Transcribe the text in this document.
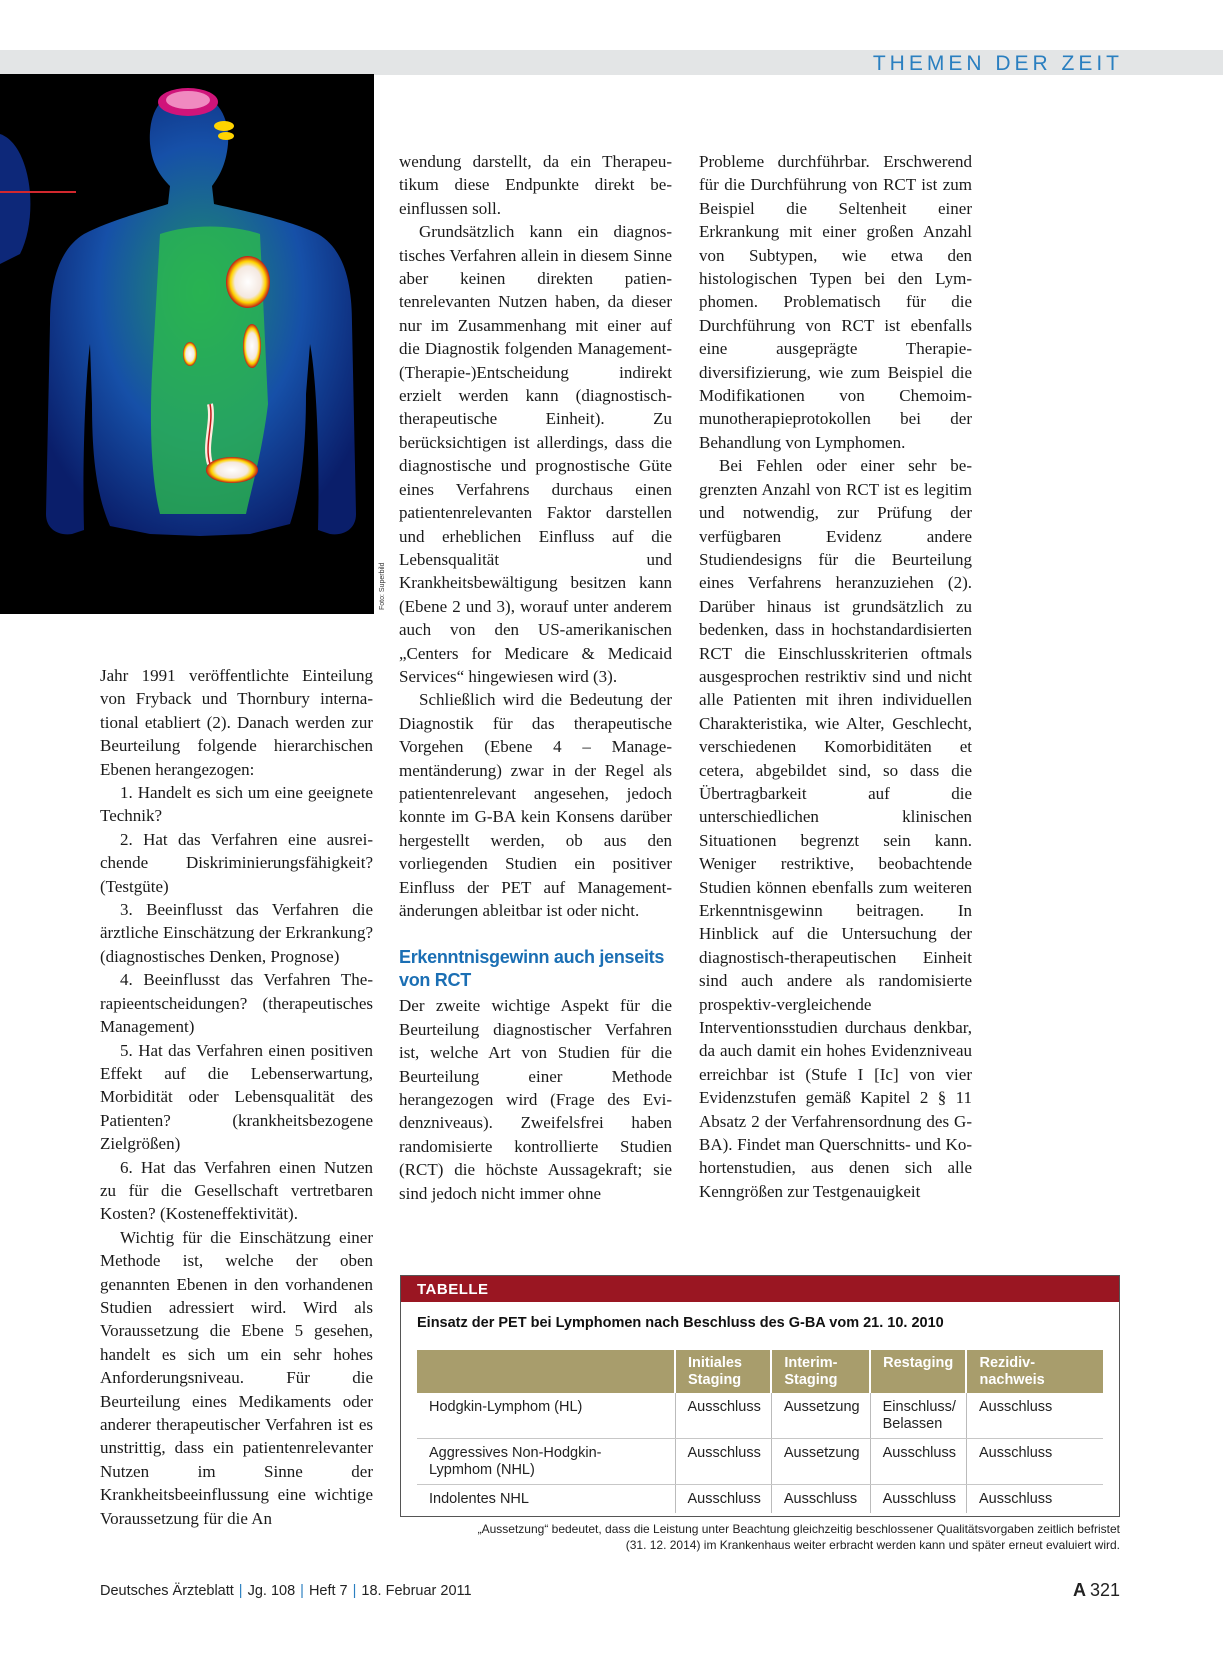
THEMEN DER ZEIT
Foto: Superbild

Jahr 1991 veröffentlichte Einteilung von Fryback und Thornbury international etabliert (2). Danach werden zur Beurteilung folgende hierarchischen Ebenen herangezogen:

1. Handelt es sich um eine geeignete Technik?
2. Hat das Verfahren eine ausreichende Diskriminierungsfähigkeit? (Testgüte)
3. Beeinflusst das Verfahren die ärztliche Einschätzung der Erkrankung? (diagnostisches Denken, Prognose)
4. Beeinflusst das Verfahren Therapieentscheidungen? (therapeutisches Management)
5. Hat das Verfahren einen positiven Effekt auf die Lebenserwartung, Morbidität oder Lebensqualität des Patienten? (krankheitsbezogene Zielgrößen)
6. Hat das Verfahren einen Nutzen zu für die Gesellschaft vertretbaren Kosten? (Kosteneffektivität).

Wichtig für die Einschätzung einer Methode ist, welche der oben genannten Ebenen in den vorhandenen Studien adressiert wird. Wird als Voraussetzung die Ebene 5 gesehen, handelt es sich um ein sehr hohes Anforderungsniveau. Für die Beurteilung eines Medikaments oder anderer therapeutischer Verfahren ist es unstrittig, dass ein patientenrelevanter Nutzen im Sinne der Krankheitsbeeinflussung eine wichtige Voraussetzung für die An

wendung darstellt, da ein Therapeutikum diese Endpunkte direkt beeinflussen soll.

Grundsätzlich kann ein diagnostisches Verfahren allein in diesem Sinne aber keinen direkten patientenrelevanten Nutzen haben, da dieser nur im Zusammenhang mit einer auf die Diagnostik folgenden Management-(Therapie-)Entscheidung indirekt erzielt werden kann (diagnostisch-therapeutische Einheit). Zu berücksichtigen ist allerdings, dass die diagnostische und prognostische Güte eines Verfahrens durchaus einen patientenrelevanten Faktor darstellen und erheblichen Einfluss auf die Lebensqualität und Krankheitsbewältigung besitzen kann (Ebene 2 und 3), worauf unter anderem auch von den US-amerikanischen „Centers for Medicare & Medicaid Services“ hingewiesen wird (3).

Schließlich wird die Bedeutung der Diagnostik für das therapeutische Vorgehen (Ebene 4 – Managementänderung) zwar in der Regel als patientenrelevant angesehen, jedoch konnte im G-BA kein Konsens darüber hergestellt werden, ob aus den vorliegenden Studien ein positiver Einfluss der PET auf Managementänderungen ableitbar ist oder nicht.

Erkenntnisgewinn auch jenseits von RCT

Der zweite wichtige Aspekt für die Beurteilung diagnostischer Verfahren ist, welche Art von Studien für die Beurteilung einer Methode herangezogen wird (Frage des Evidenzniveaus). Zweifelsfrei haben randomisierte kontrollierte Studien (RCT) die höchste Aussagekraft; sie sind jedoch nicht immer ohne

Probleme durchführbar. Erschwerend für die Durchführung von RCT ist zum Beispiel die Seltenheit einer Erkrankung mit einer großen Anzahl von Subtypen, wie etwa den histologischen Typen bei den Lymphomen. Problematisch für die Durchführung von RCT ist ebenfalls eine ausgeprägte Therapiediversifizierung, wie zum Beispiel die Modifikationen von Chemoimmunotherapieprotokollen bei der Behandlung von Lymphomen.

Bei Fehlen oder einer sehr begrenzten Anzahl von RCT ist es legitim und notwendig, zur Prüfung der verfügbaren Evidenz andere Studiendesigns für die Beurteilung eines Verfahrens heranzuziehen (2). Darüber hinaus ist grundsätzlich zu bedenken, dass in hochstandardisierten RCT die Einschlusskriterien oftmals ausgesprochen restriktiv sind und nicht alle Patienten mit ihren individuellen Charakteristika, wie Alter, Geschlecht, verschiedenen Komorbiditäten et cetera, abgebildet sind, so dass die Übertragbarkeit auf die unterschiedlichen klinischen Situationen begrenzt sein kann. Weniger restriktive, beobachtende Studien können ebenfalls zum weiteren Erkenntnisgewinn beitragen. In Hinblick auf die Untersuchung der diagnostisch-therapeutischen Einheit sind auch andere als randomisierte prospektiv-vergleichende Interventionsstudien durchaus denkbar, da auch damit ein hohes Evidenzniveau erreichbar ist (Stufe I [Ic] von vier Evidenzstufen gemäß Kapitel 2 § 11 Absatz 2 der Verfahrensordnung des G-BA). Findet man Querschnitts- und Kohortenstudien, aus denen sich alle Kenngrößen zur Testgenauigkeit

TABELLE
Einsatz der PET bei Lymphomen nach Beschluss des G-BA vom 21. 10. 2010
	Initiales Staging	Interim-Staging	Restaging	Rezidiv-nachweis
Hodgkin-Lymphom (HL)	Ausschluss	Aussetzung	Einschluss/ Belassen	Ausschluss
Aggressives Non-Hodgkin-Lypmhom (NHL)	Ausschluss	Aussetzung	Ausschluss	Ausschluss
Indolentes NHL	Ausschluss	Ausschluss	Ausschluss	Ausschluss
„Aussetzung“ bedeutet, dass die Leistung unter Beachtung gleichzeitig beschlossener Qualitätsvorgaben zeitlich befristet
(31. 12. 2014) im Krankenhaus weiter erbracht werden kann und später erneut evaluiert wird.
Deutsches Ärzteblatt | Jg. 108 | Heft 7 | 18. Februar 2011	A 321
